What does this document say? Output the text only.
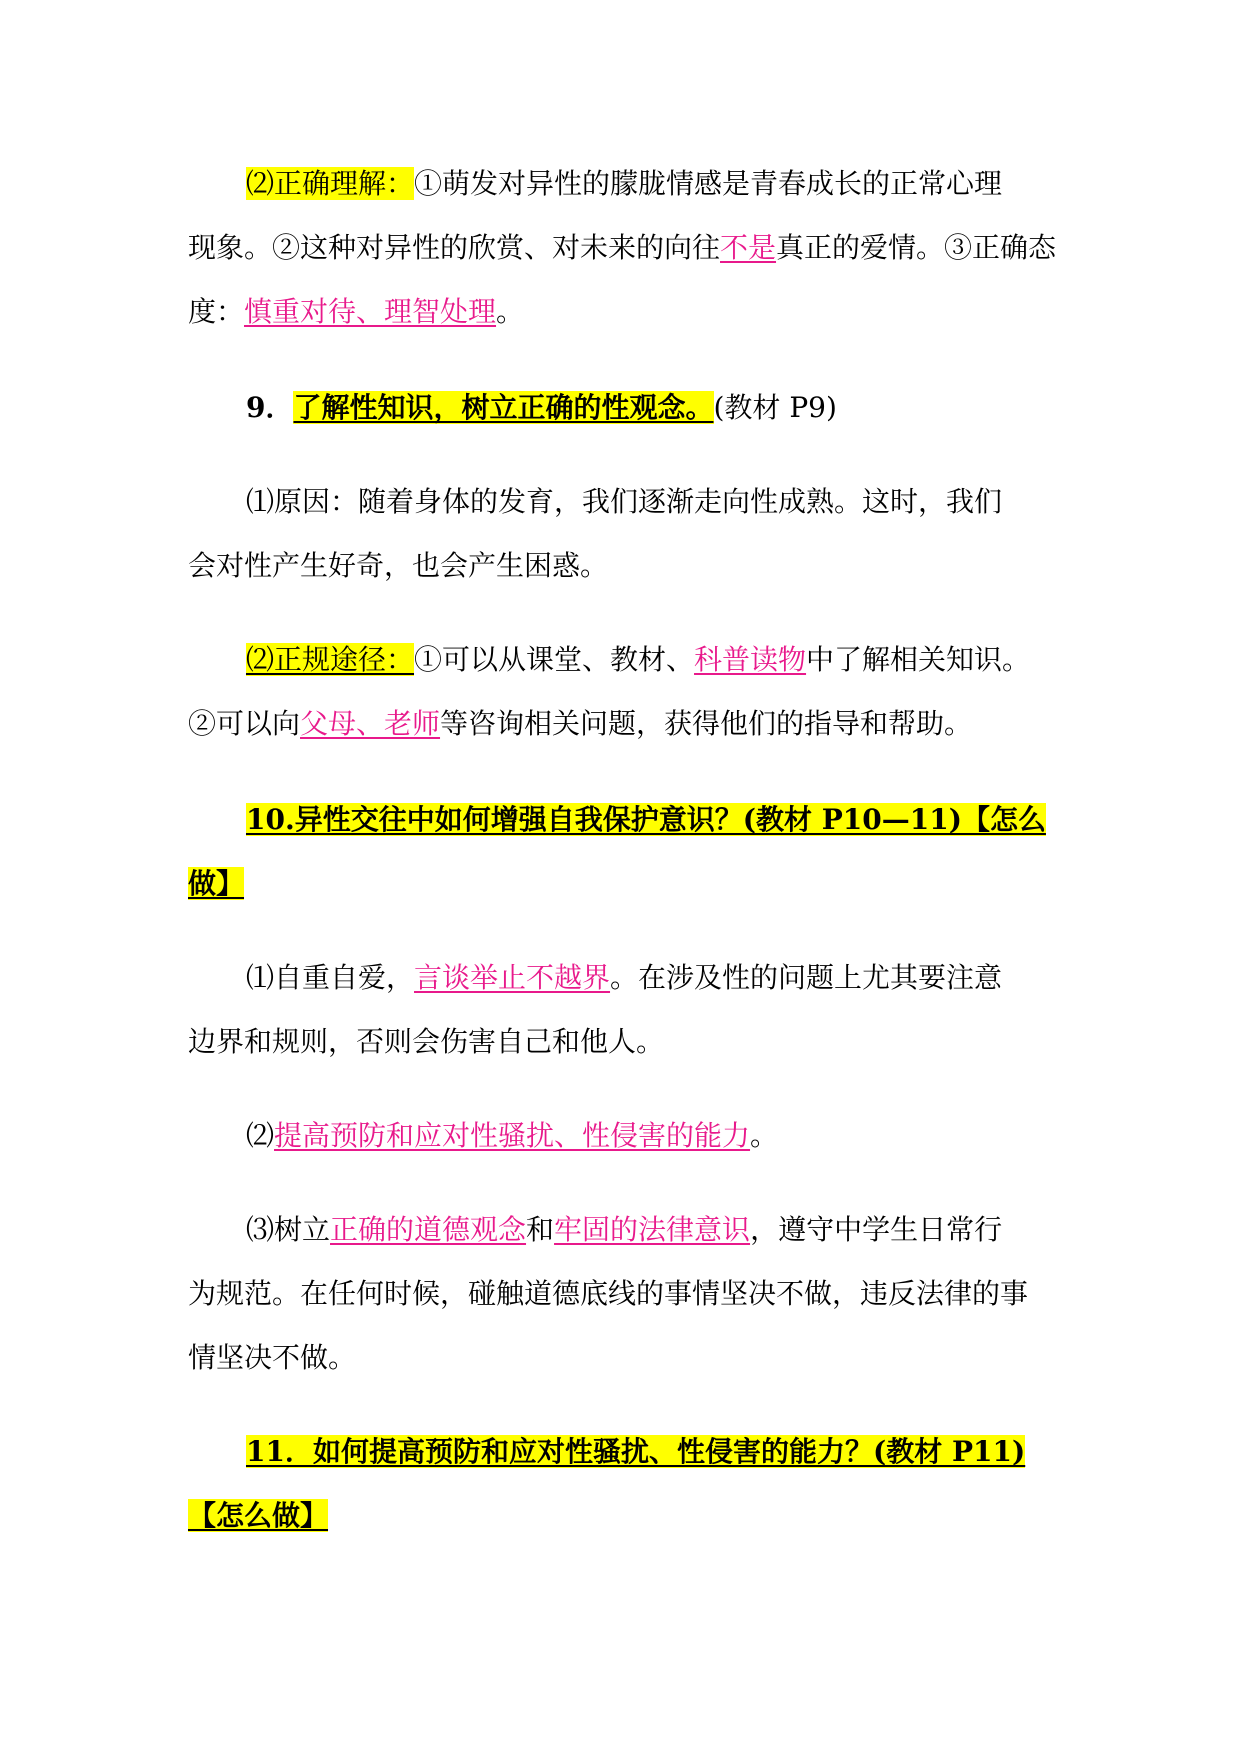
⑵正确理解：①萌发对异性的朦胧情感是青春成长的正常心理
现象。②这种对异性的欣赏、对未来的向往不是真正的爱情。③正确态
度：慎重对待、理智处理。
9．了解性知识，树立正确的性观念。(教材 P9)
⑴原因：随着身体的发育，我们逐渐走向性成熟。这时，我们
会对性产生好奇，也会产生困惑。
⑵正规途径：①可以从课堂、教材、科普读物中了解相关知识。
②可以向父母、老师等咨询相关问题，获得他们的指导和帮助。
10.异性交往中如何增强自我保护意识？(教材 P10—11)【怎么
做】
⑴自重自爱，言谈举止不越界。在涉及性的问题上尤其要注意
边界和规则，否则会伤害自己和他人。
⑵提高预防和应对性骚扰、性侵害的能力。
⑶树立正确的道德观念和牢固的法律意识，遵守中学生日常行
为规范。在任何时候，碰触道德底线的事情坚决不做，违反法律的事
情坚决不做。
11．如何提高预防和应对性骚扰、性侵害的能力？(教材 P11)
【怎么做】
